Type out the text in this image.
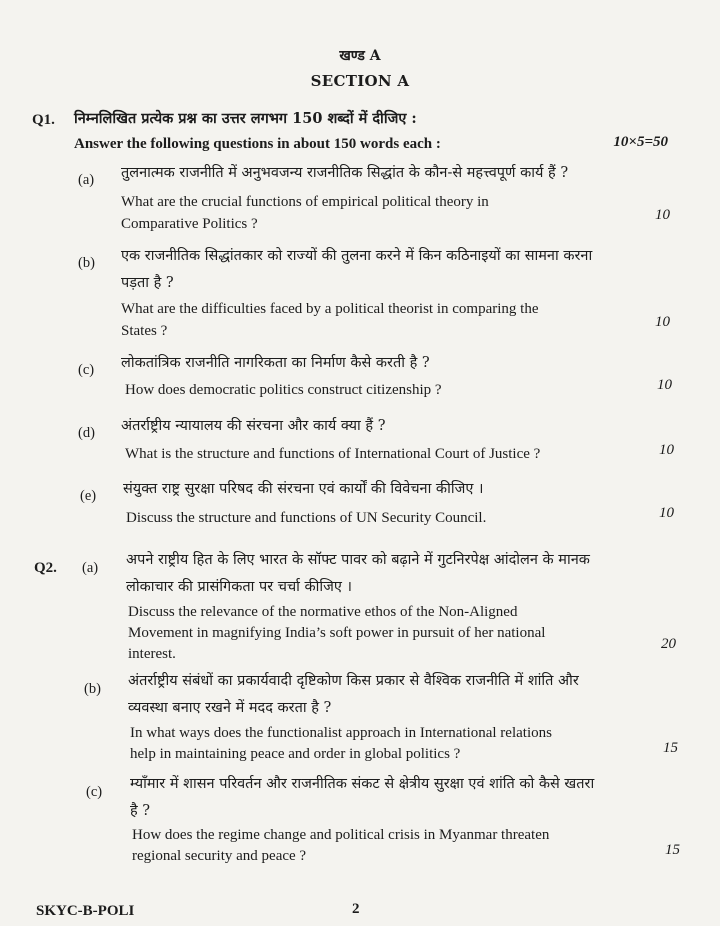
खण्ड A
SECTION A
Q1. निम्नलिखित प्रत्येक प्रश्न का उत्तर लगभग 150 शब्दों में दीजिए :
Answer the following questions in about 150 words each :	10×5=50
(a) तुलनात्मक राजनीति में अनुभवजन्य राजनीतिक सिद्धांत के कौन-से महत्त्वपूर्ण कार्य हैं ?
What are the crucial functions of empirical political theory in
Comparative Politics ?
10
(b) एक राजनीतिक सिद्धांतकार को राज्यों की तुलना करने में किन कठिनाइयों का सामना करना
पड़ता है ?
What are the difficulties faced by a political theorist in comparing the
States ?
10
(c) लोकतांत्रिक राजनीति नागरिकता का निर्माण कैसे करती है ?
How does democratic politics construct citizenship ?	10
(d) अंतर्राष्ट्रीय न्यायालय की संरचना और कार्य क्या हैं ?
What is the structure and functions of International Court of Justice ?	10
(e) संयुक्त राष्ट्र सुरक्षा परिषद की संरचना एवं कार्यों की विवेचना कीजिए ।
Discuss the structure and functions of UN Security Council.	10
Q2. (a) अपने राष्ट्रीय हित के लिए भारत के सॉफ्ट पावर को बढ़ाने में गुटनिरपेक्ष आंदोलन के मानक
लोकाचार की प्रासंगिकता पर चर्चा कीजिए ।
Discuss the relevance of the normative ethos of the Non-Aligned
Movement in magnifying India’s soft power in pursuit of her national
interest.
20
(b) अंतर्राष्ट्रीय संबंधों का प्रकार्यवादी दृष्टिकोण किस प्रकार से वैश्विक राजनीति में शांति और
व्यवस्था बनाए रखने में मदद करता है ?
In what ways does the functionalist approach in International relations
help in maintaining peace and order in global politics ?	15
(c) म्याँमार में शासन परिवर्तन और राजनीतिक संकट से क्षेत्रीय सुरक्षा एवं शांति को कैसे खतरा
है ?
How does the regime change and political crisis in Myanmar threaten
regional security and peace ?	15
SKYC-B-POLI	2
